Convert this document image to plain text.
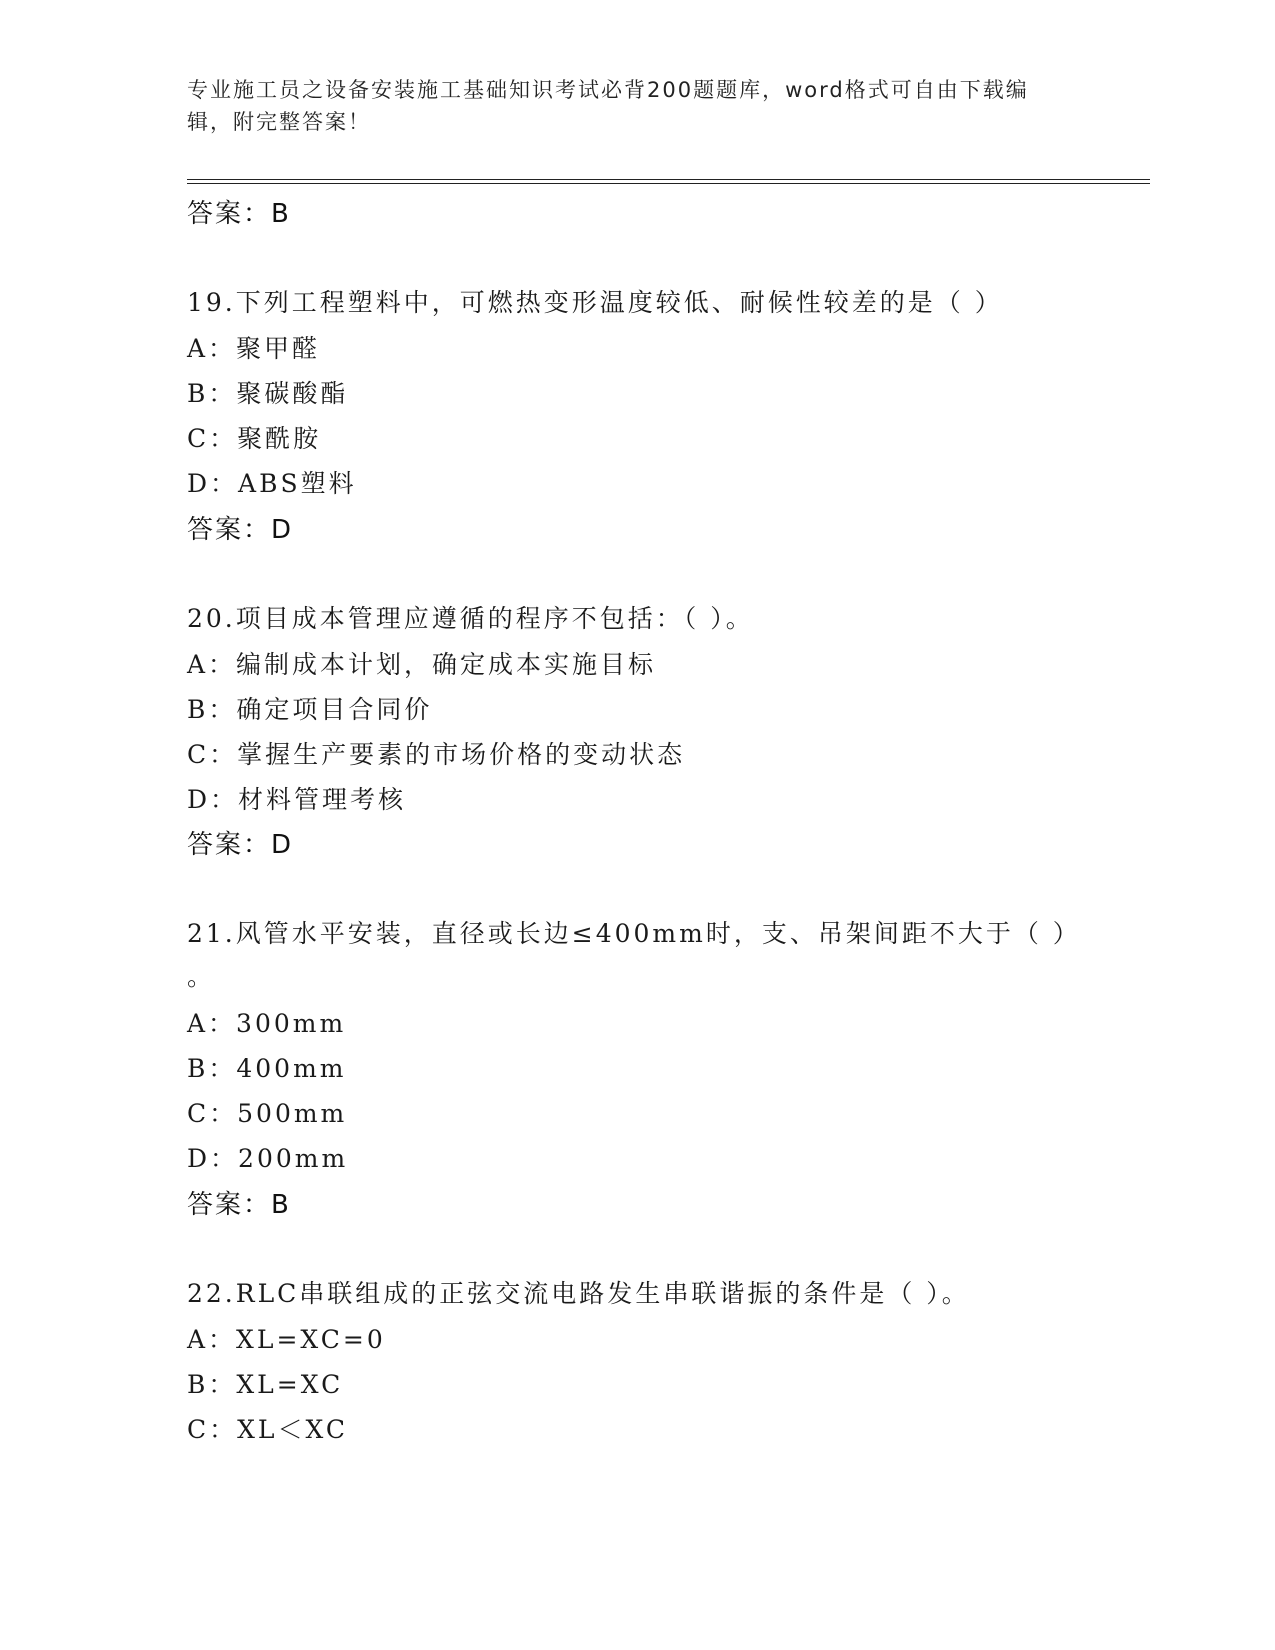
专业施工员之设备安装施工基础知识考试必背200题题库，word格式可自由下载编辑，附完整答案！
答案：B
19.下列工程塑料中，可燃热变形温度较低、耐候性较差的是（ ）
A：聚甲醛
B：聚碳酸酯
C：聚酰胺
D：ABS塑料
答案：D
20.项目成本管理应遵循的程序不包括：（ ）。
A：编制成本计划，确定成本实施目标
B：确定项目合同价
C：掌握生产要素的市场价格的变动状态
D：材料管理考核
答案：D
21.风管水平安装，直径或长边≤400mm时，支、吊架间距不大于（ ）
。
A：300mm
B：400mm
C：500mm
D：200mm
答案：B
22.RLC串联组成的正弦交流电路发生串联谐振的条件是（ ）。
A：XL=XC=0
B：XL=XC
C：XL＜XC
